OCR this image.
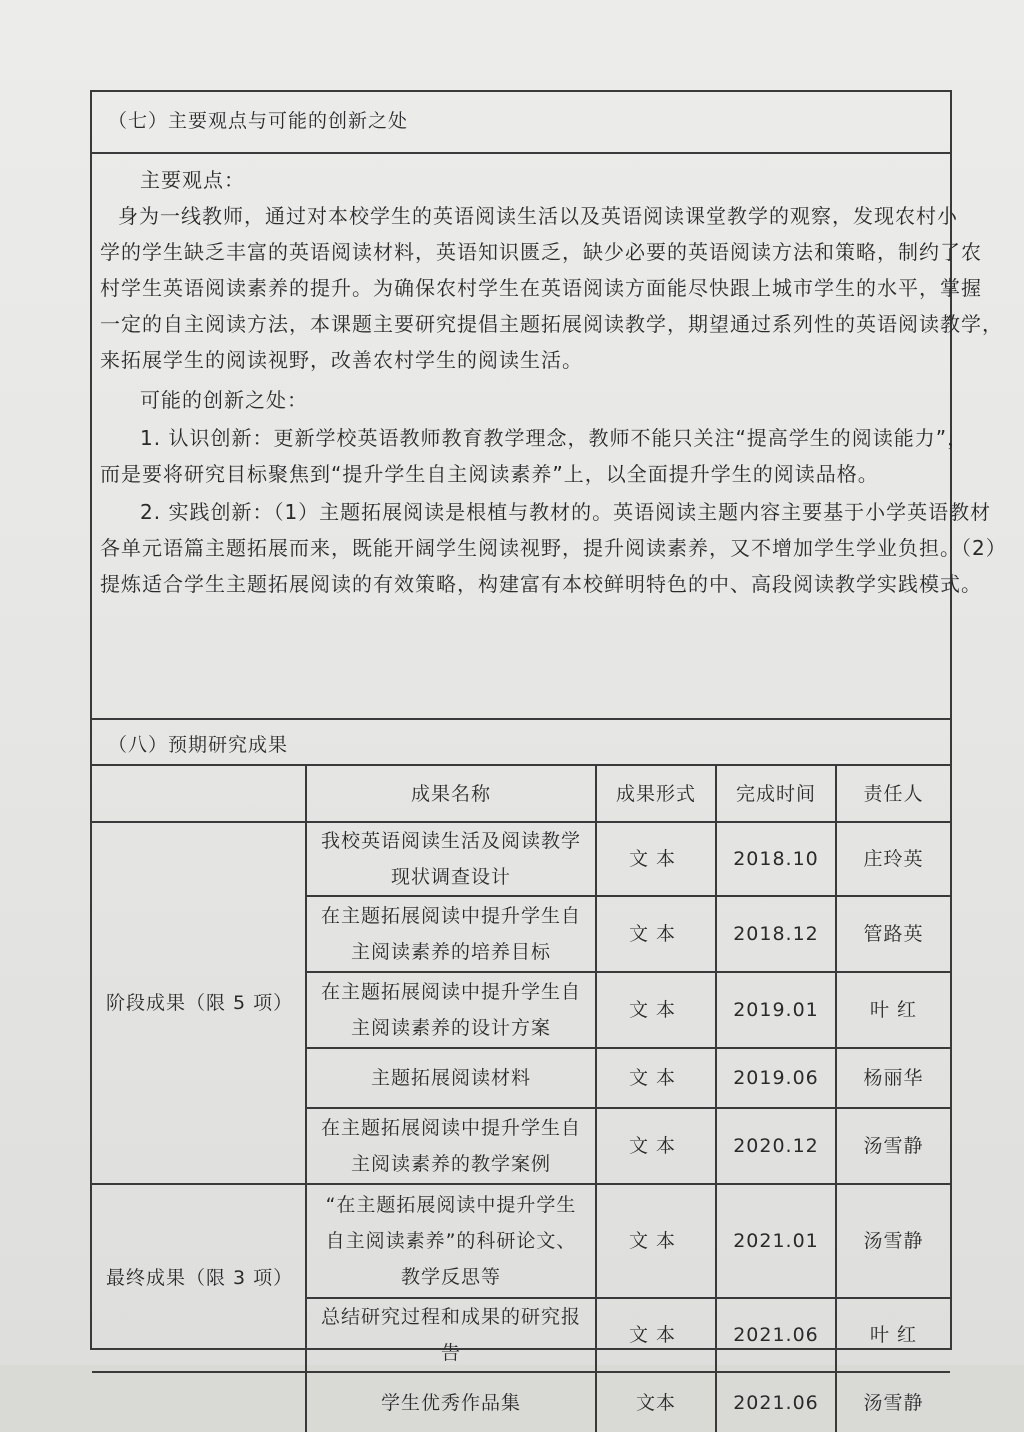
（七）主要观点与可能的创新之处
主要观点：
身为一线教师，通过对本校学生的英语阅读生活以及英语阅读课堂教学的观察，发现农村小
学的学生缺乏丰富的英语阅读材料，英语知识匮乏，缺少必要的英语阅读方法和策略，制约了农
村学生英语阅读素养的提升。为确保农村学生在英语阅读方面能尽快跟上城市学生的水平，掌握
一定的自主阅读方法，本课题主要研究提倡主题拓展阅读教学，期望通过系列性的英语阅读教学，
来拓展学生的阅读视野，改善农村学生的阅读生活。
可能的创新之处：
1. 认识创新：更新学校英语教师教育教学理念，教师不能只关注“提高学生的阅读能力”，
而是要将研究目标聚焦到“提升学生自主阅读素养”上，以全面提升学生的阅读品格。
2. 实践创新：（1）主题拓展阅读是根植与教材的。英语阅读主题内容主要基于小学英语教材
各单元语篇主题拓展而来，既能开阔学生阅读视野，提升阅读素养，又不增加学生学业负担。（2）
提炼适合学生主题拓展阅读的有效策略，构建富有本校鲜明特色的中、高段阅读教学实践模式。
（八）预期研究成果
	成果名称	成果形式	完成时间	责任人
阶段成果（限 5 项）	我校英语阅读生活及阅读教学现状调查设计	文本	2018.10	庄玲英
	在主题拓展阅读中提升学生自主阅读素养的培养目标	文本	2018.12	管路英
	在主题拓展阅读中提升学生自主阅读素养的设计方案	文本	2019.01	叶 红
	主题拓展阅读材料	文本	2019.06	杨丽华
	在主题拓展阅读中提升学生自主阅读素养的教学案例	文本	2020.12	汤雪静
最终成果（限 3 项）	“在主题拓展阅读中提升学生自主阅读素养”的科研论文、教学反思等	文本	2021.01	汤雪静
	总结研究过程和成果的研究报告	文本	2021.06	叶 红
	学生优秀作品集	文本	2021.06	汤雪静
